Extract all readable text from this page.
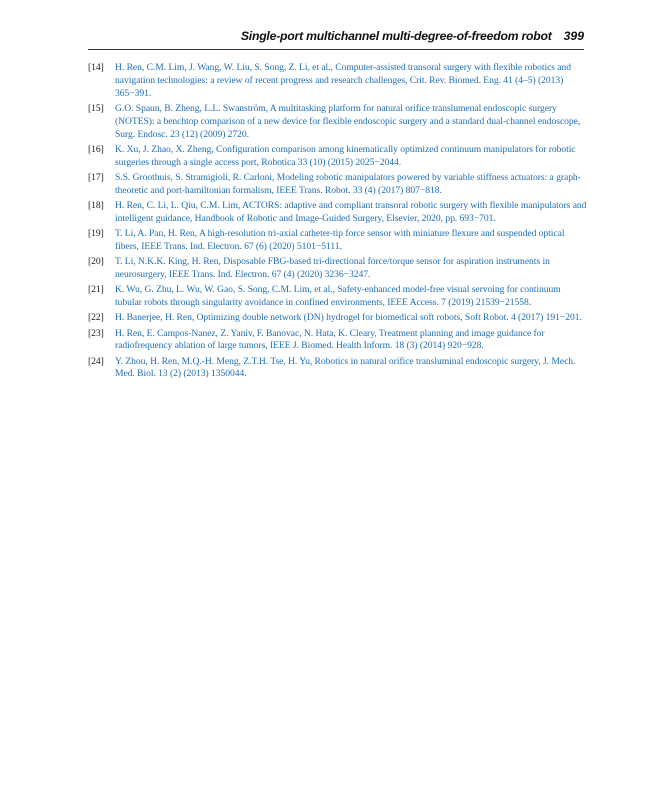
Single-port multichannel multi-degree-of-freedom robot 399
[14] H. Ren, C.M. Lim, J. Wang, W. Liu, S. Song, Z. Li, et al., Computer-assisted transoral surgery with flexible robotics and navigation technologies: a review of recent progress and research challenges, Crit. Rev. Biomed. Eng. 41 (4–5) (2013) 365−391.
[15] G.O. Spaun, B. Zheng, L.L. Swanström, A multitasking platform for natural orifice translumenal endoscopic surgery (NOTES): a benchtop comparison of a new device for flexible endoscopic surgery and a standard dual-channel endoscope, Surg. Endosc. 23 (12) (2009) 2720.
[16] K. Xu, J. Zhao, X. Zheng, Configuration comparison among kinematically optimized continuum manipulators for robotic surgeries through a single access port, Robotica 33 (10) (2015) 2025−2044.
[17] S.S. Groothuis, S. Stramigioli, R. Carloni, Modeling robotic manipulators powered by variable stiffness actuators: a graph-theoretic and port-hamiltonian formalism, IEEE Trans. Robot. 33 (4) (2017) 807−818.
[18] H. Ren, C. Li, L. Qiu, C.M. Lim, ACTORS: adaptive and compliant transoral robotic surgery with flexible manipulators and intelligent guidance, Handbook of Robotic and Image-Guided Surgery, Elsevier, 2020, pp. 693−701.
[19] T. Li, A. Pan, H. Ren, A high-resolution tri-axial catheter-tip force sensor with miniature flexure and suspended optical fibers, IEEE Trans. Ind. Electron. 67 (6) (2020) 5101−5111.
[20] T. Li, N.K.K. King, H. Ren, Disposable FBG-based tri-directional force/torque sensor for aspiration instruments in neurosurgery, IEEE Trans. Ind. Electron. 67 (4) (2020) 3236−3247.
[21] K. Wu, G. Zhu, L. Wu, W. Gao, S. Song, C.M. Lim, et al., Safety-enhanced model-free visual servoing for continuum tubular robots through singularity avoidance in confined environments, IEEE Access. 7 (2019) 21539−21558.
[22] H. Banerjee, H. Ren, Optimizing double network (DN) hydrogel for biomedical soft robots, Soft Robot. 4 (2017) 191−201.
[23] H. Ren, E. Campos-Nanez, Z. Yaniv, F. Banovac, N. Hata, K. Cleary, Treatment planning and image guidance for radiofrequency ablation of large tumors, IEEE J. Biomed. Health Inform. 18 (3) (2014) 920−928.
[24] Y. Zhou, H. Ren, M.Q.-H. Meng, Z.T.H. Tse, H. Yu, Robotics in natural orifice transluminal endoscopic surgery, J. Mech. Med. Biol. 13 (2) (2013) 1350044.
